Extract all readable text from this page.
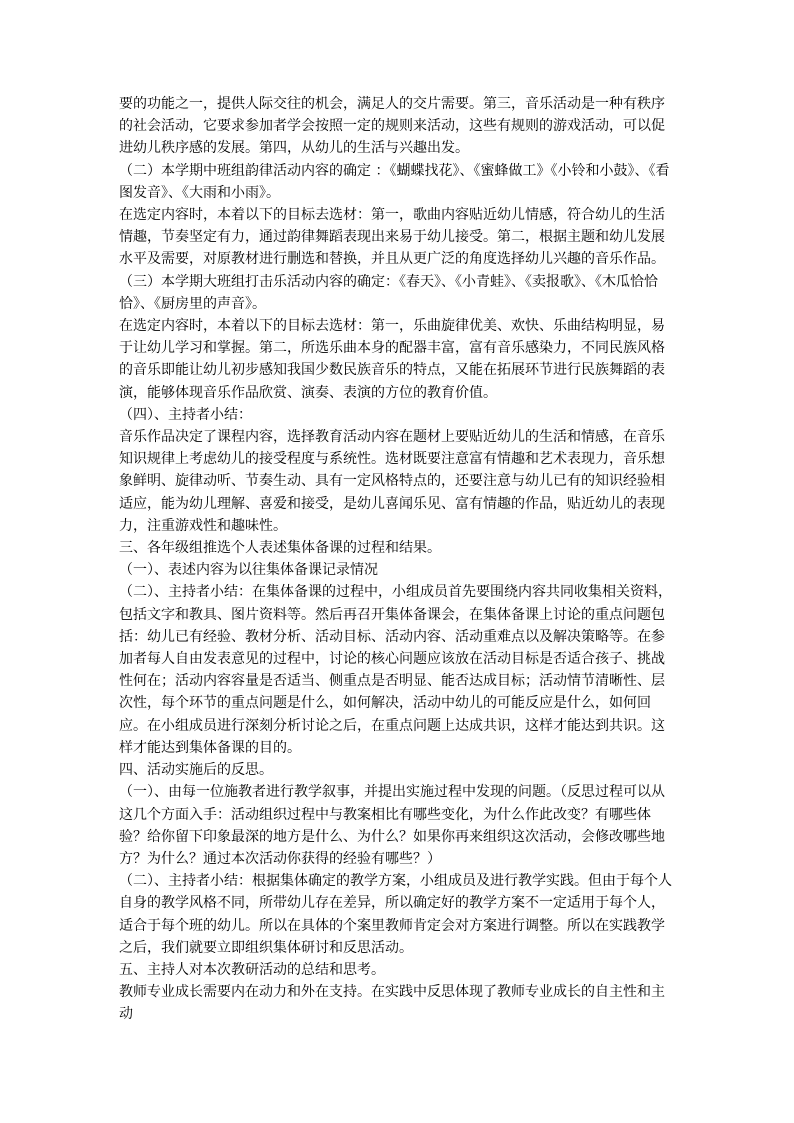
要的功能之一，提供人际交往的机会，满足人的交片需要。第三，音乐活动是一种有秩序的社会活动，它要求参加者学会按照一定的规则来活动，这些有规则的游戏活动，可以促进幼儿秩序感的发展。第四，从幼儿的生活与兴趣出发。

（二）本学期中班组韵律活动内容的确定 ：《蝴蝶找花》、《蜜蜂做工》《小铃和小鼓》、《看图发音》、《大雨和小雨》。

在选定内容时，本着以下的目标去选材：第一，歌曲内容贴近幼儿情感，符合幼儿的生活情趣，节奏坚定有力，通过韵律舞蹈表现出来易于幼儿接受。第二，根据主题和幼儿发展水平及需要，对原教材进行删选和替换，并且从更广泛的角度选择幼儿兴趣的音乐作品。

（三）本学期大班组打击乐活动内容的确定：《春天》、《小青蛙》、《卖报歌》、《木瓜恰恰恰》、《厨房里的声音》。

在选定内容时，本着以下的目标去选材：第一，乐曲旋律优美、欢快、乐曲结构明显，易于让幼儿学习和掌握。第二，所选乐曲本身的配器丰富，富有音乐感染力，不同民族风格的音乐即能让幼儿初步感知我国少数民族音乐的特点，又能在拓展环节进行民族舞蹈的表演，能够体现音乐作品欣赏、演奏、表演的方位的教育价值。

（四）、主持者小结：

音乐作品决定了课程内容，选择教育活动内容在题材上要贴近幼儿的生活和情感，在音乐知识规律上考虑幼儿的接受程度与系统性。选材既要注意富有情趣和艺术表现力，音乐想象鲜明、旋律动听、节奏生动、具有一定风格特点的，还要注意与幼儿已有的知识经验相适应，能为幼儿理解、喜爱和接受，是幼儿喜闻乐见、富有情趣的作品，贴近幼儿的表现力，注重游戏性和趣味性。

三、各年级组推选个人表述集体备课的过程和结果。

（一）、表述内容为以往集体备课记录情况

（二）、主持者小结：在集体备课的过程中，小组成员首先要围绕内容共同收集相关资料，包括文字和教具、图片资料等。然后再召开集体备课会，在集体备课上讨论的重点问题包括：幼儿已有经验、教材分析、活动目标、活动内容、活动重难点以及解决策略等。在参加者每人自由发表意见的过程中，讨论的核心问题应该放在活动目标是否适合孩子、挑战性何在；活动内容容量是否适当、侧重点是否明显、能否达成目标；活动情节清晰性、层次性，每个环节的重点问题是什么，如何解决，活动中幼儿的可能反应是什么，如何回应。在小组成员进行深刻分析讨论之后，在重点问题上达成共识，这样才能达到共识。这样才能达到集体备课的目的。

四、活动实施后的反思。

（一）、由每一位施教者进行教学叙事，并提出实施过程中发现的问题。（反思过程可以从这几个方面入手：活动组织过程中与教案相比有哪些变化，为什么作此改变？有哪些体验？给你留下印象最深的地方是什么、为什么？如果你再来组织这次活动，会修改哪些地方？为什么？通过本次活动你获得的经验有哪些？）

（二）、主持者小结：根据集体确定的教学方案，小组成员及进行教学实践。但由于每个人自身的教学风格不同，所带幼儿存在差异，所以确定好的教学方案不一定适用于每个人，适合于每个班的幼儿。所以在具体的个案里教师肯定会对方案进行调整。所以在实践教学之后，我们就要立即组织集体研讨和反思活动。

五、主持人对本次教研活动的总结和思考。

教师专业成长需要内在动力和外在支持。在实践中反思体现了教师专业成长的自主性和主动
